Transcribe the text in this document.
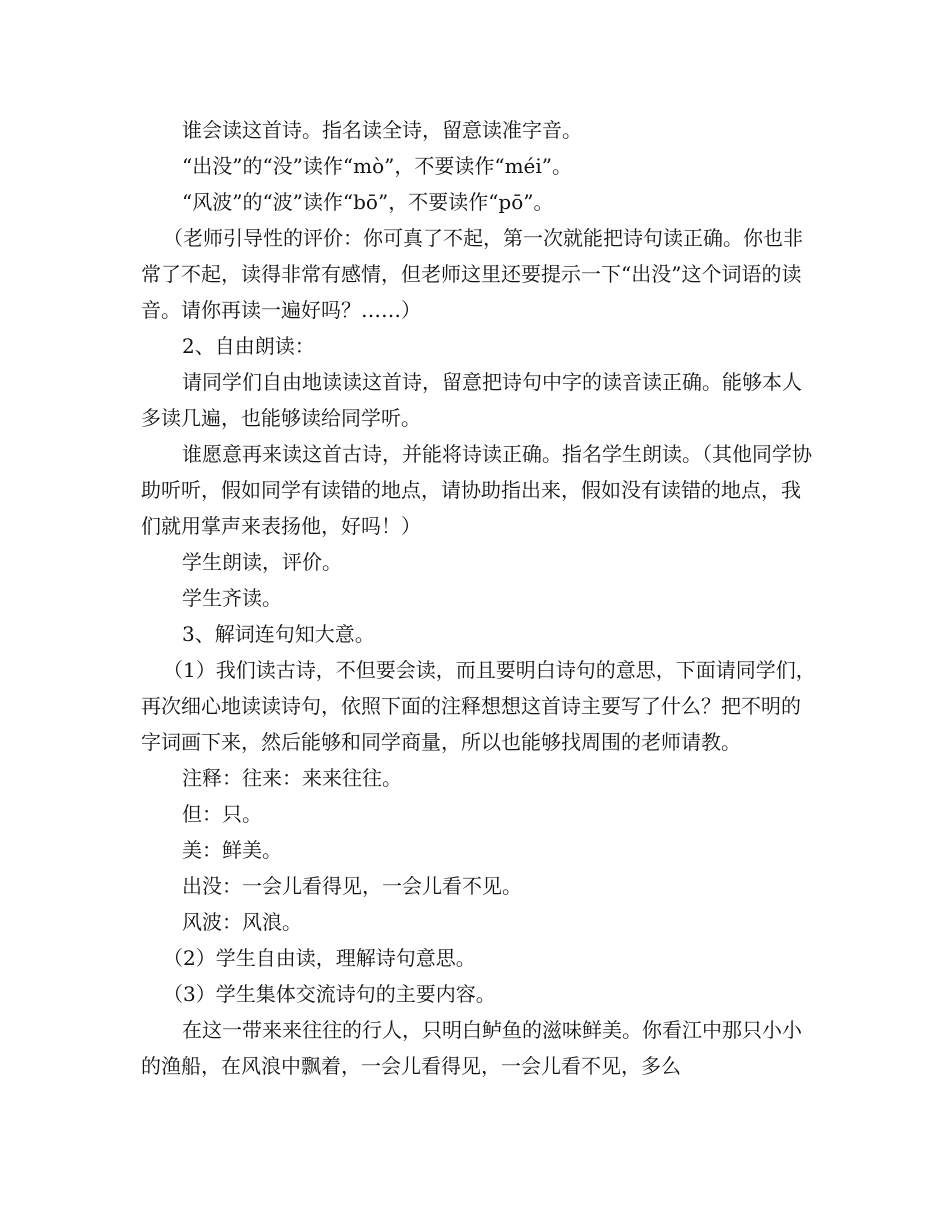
谁会读这首诗。指名读全诗，留意读准字音。

“出没”的“没”读作“mò”，不要读作“méi”。

“风波”的“波”读作“bō”，不要读作“pō”。

（老师引导性的评价：你可真了不起，第一次就能把诗句读正确。你也非常了不起，读得非常有感情，但老师这里还要提示一下“出没”这个词语的读音。请你再读一遍好吗？……）

2、自由朗读：

请同学们自由地读读这首诗，留意把诗句中字的读音读正确。能够本人多读几遍，也能够读给同学听。

谁愿意再来读这首古诗，并能将诗读正确。指名学生朗读。（其他同学协助听听，假如同学有读错的地点，请协助指出来，假如没有读错的地点，我们就用掌声来表扬他，好吗！）

学生朗读，评价。

学生齐读。

3、解词连句知大意。

（1）我们读古诗，不但要会读，而且要明白诗句的意思，下面请同学们，再次细心地读读诗句，依照下面的注释想想这首诗主要写了什么？把不明的字词画下来，然后能够和同学商量，所以也能够找周围的老师请教。

注释：往来：来来往往。

但：只。

美：鲜美。

出没：一会儿看得见，一会儿看不见。

风波：风浪。

（2）学生自由读，理解诗句意思。

（3）学生集体交流诗句的主要内容。

在这一带来来往往的行人，只明白鲈鱼的滋味鲜美。你看江中那只小小的渔船，在风浪中飘着，一会儿看得见，一会儿看不见，多么
